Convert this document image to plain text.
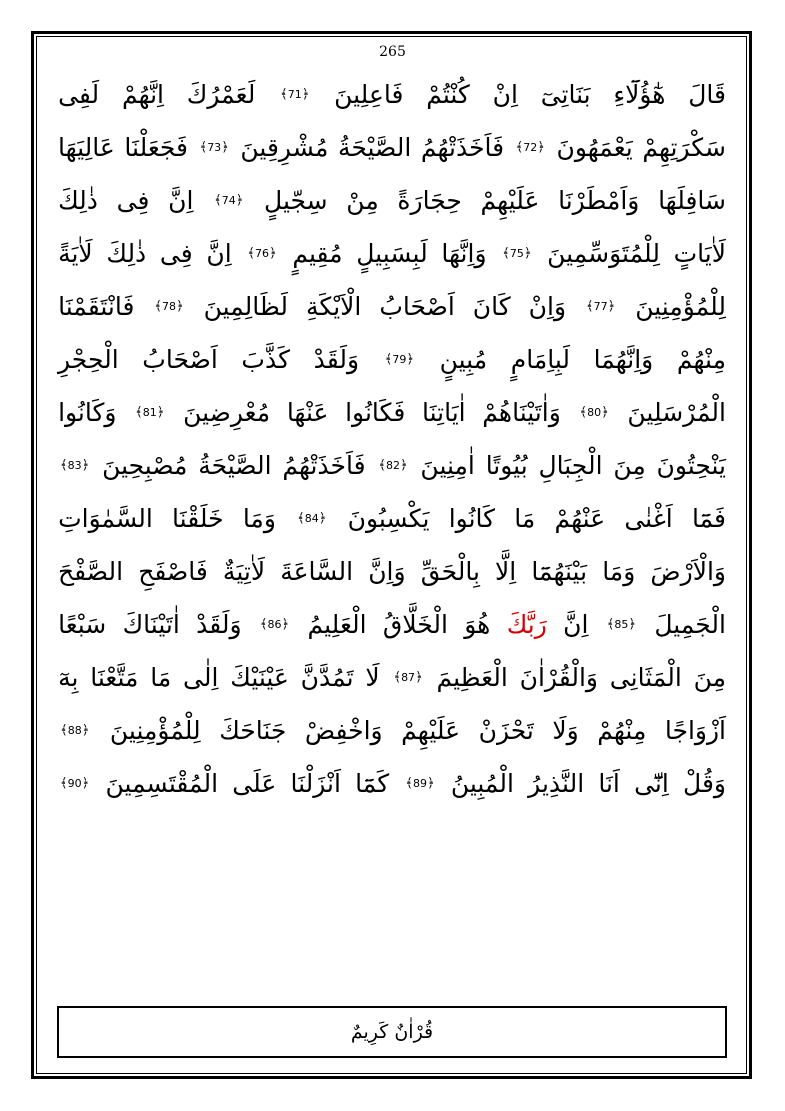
265
قَالَ
هٰٓؤُلَٓاءِ
بَنَاتِىٓ
اِنْ
كُنْتُمْ
فَاعِلِينَ
﴿ 71 ﴾
لَعَمْرُكَ
اِنَّهُمْ
لَفِى
سَكْرَتِهِمْ
يَعْمَهُونَ
﴿ 72 ﴾
فَاَخَذَتْهُمُ
الصَّيْحَةُ
مُشْرِقِينَ
﴿ 73 ﴾
فَجَعَلْنَا
عَالِيَهَا
سَافِلَهَا
وَاَمْطَرْنَا
عَلَيْهِمْ
حِجَارَةً
مِنْ
سِجّيلٍ
﴿ 74 ﴾
اِنَّ
فِى
ذٰلِكَ
لَاٰيَاتٍ
لِلْمُتَوَسِّمِينَ
﴿ 75 ﴾
وَاِنَّهَا
لَبِسَبِيلٍ
مُقِيمٍ
﴿ 76 ﴾
اِنَّ
فِى
ذٰلِكَ
لَاٰيَةً
لِلْمُؤْمِنِينَ
﴿ 77 ﴾
وَاِنْ
كَانَ
اَصْحَابُ
الْاَيْكَةِ
لَظَالِمِينَ
﴿ 78 ﴾
فَانْتَقَمْنَا
مِنْهُمْ
وَاِنَّهُمَا
لَبِاِمَامٍ
مُبِينٍ
﴿ 79 ﴾
وَلَقَدْ
كَذَّبَ
اَصْحَابُ
الْحِجْرِ
الْمُرْسَلِينَ
﴿ 80 ﴾
وَاٰتَيْنَاهُمْ
اٰيَاتِنَا
فَكَانُوا
عَنْهَا
مُعْرِضِينَ
﴿ 81 ﴾
وَكَانُوا
يَنْحِتُونَ
مِنَ
الْجِبَالِ
بُيُوتًا
اٰمِنِينَ
﴿ 82 ﴾
فَاَخَذَتْهُمُ
الصَّيْحَةُ
مُصْبِحِينَ
﴿ 83 ﴾
فَمَٓا
اَغْنٰى
عَنْهُمْ
مَا
كَانُوا
يَكْسِبُونَ
﴿ 84 ﴾
وَمَا
خَلَقْنَا
السَّمٰوَاتِ
وَالْاَرْضَ
وَمَا
بَيْنَهُمَٓا
اِلَّا
بِالْحَقِّ
وَاِنَّ
السَّاعَةَ
لَاٰتِيَةٌ
فَاصْفَحِ
الصَّفْحَ
الْجَمِيلَ
﴿ 85 ﴾
اِنَّ
رَبَّكَ
هُوَ
الْخَلَّاقُ
الْعَلِيمُ
﴿ 86 ﴾
وَلَقَدْ
اٰتَيْنَاكَ
سَبْعًا
مِنَ
الْمَثَانِى
وَالْقُرْاٰنَ
الْعَظِيمَ
﴿ 87 ﴾
لَا
تَمُدَّنَّ
عَيْنَيْكَ
اِلٰى
مَا
مَتَّعْنَا
بِهٓ
اَزْوَاجًا
مِنْهُمْ
وَلَا
تَحْزَنْ
عَلَيْهِمْ
وَاخْفِضْ
جَنَاحَكَ
لِلْمُؤْمِنِينَ
﴿ 88 ﴾
وَقُلْ
اِنّٓى
اَنَا
النَّذِيرُ
الْمُبِينُ
﴿ 89 ﴾
كَمَٓا
اَنْزَلْنَا
عَلَى
الْمُقْتَسِمِينَ
﴿ 90 ﴾
قُرْاٰنٌ كَرِيمٌ
